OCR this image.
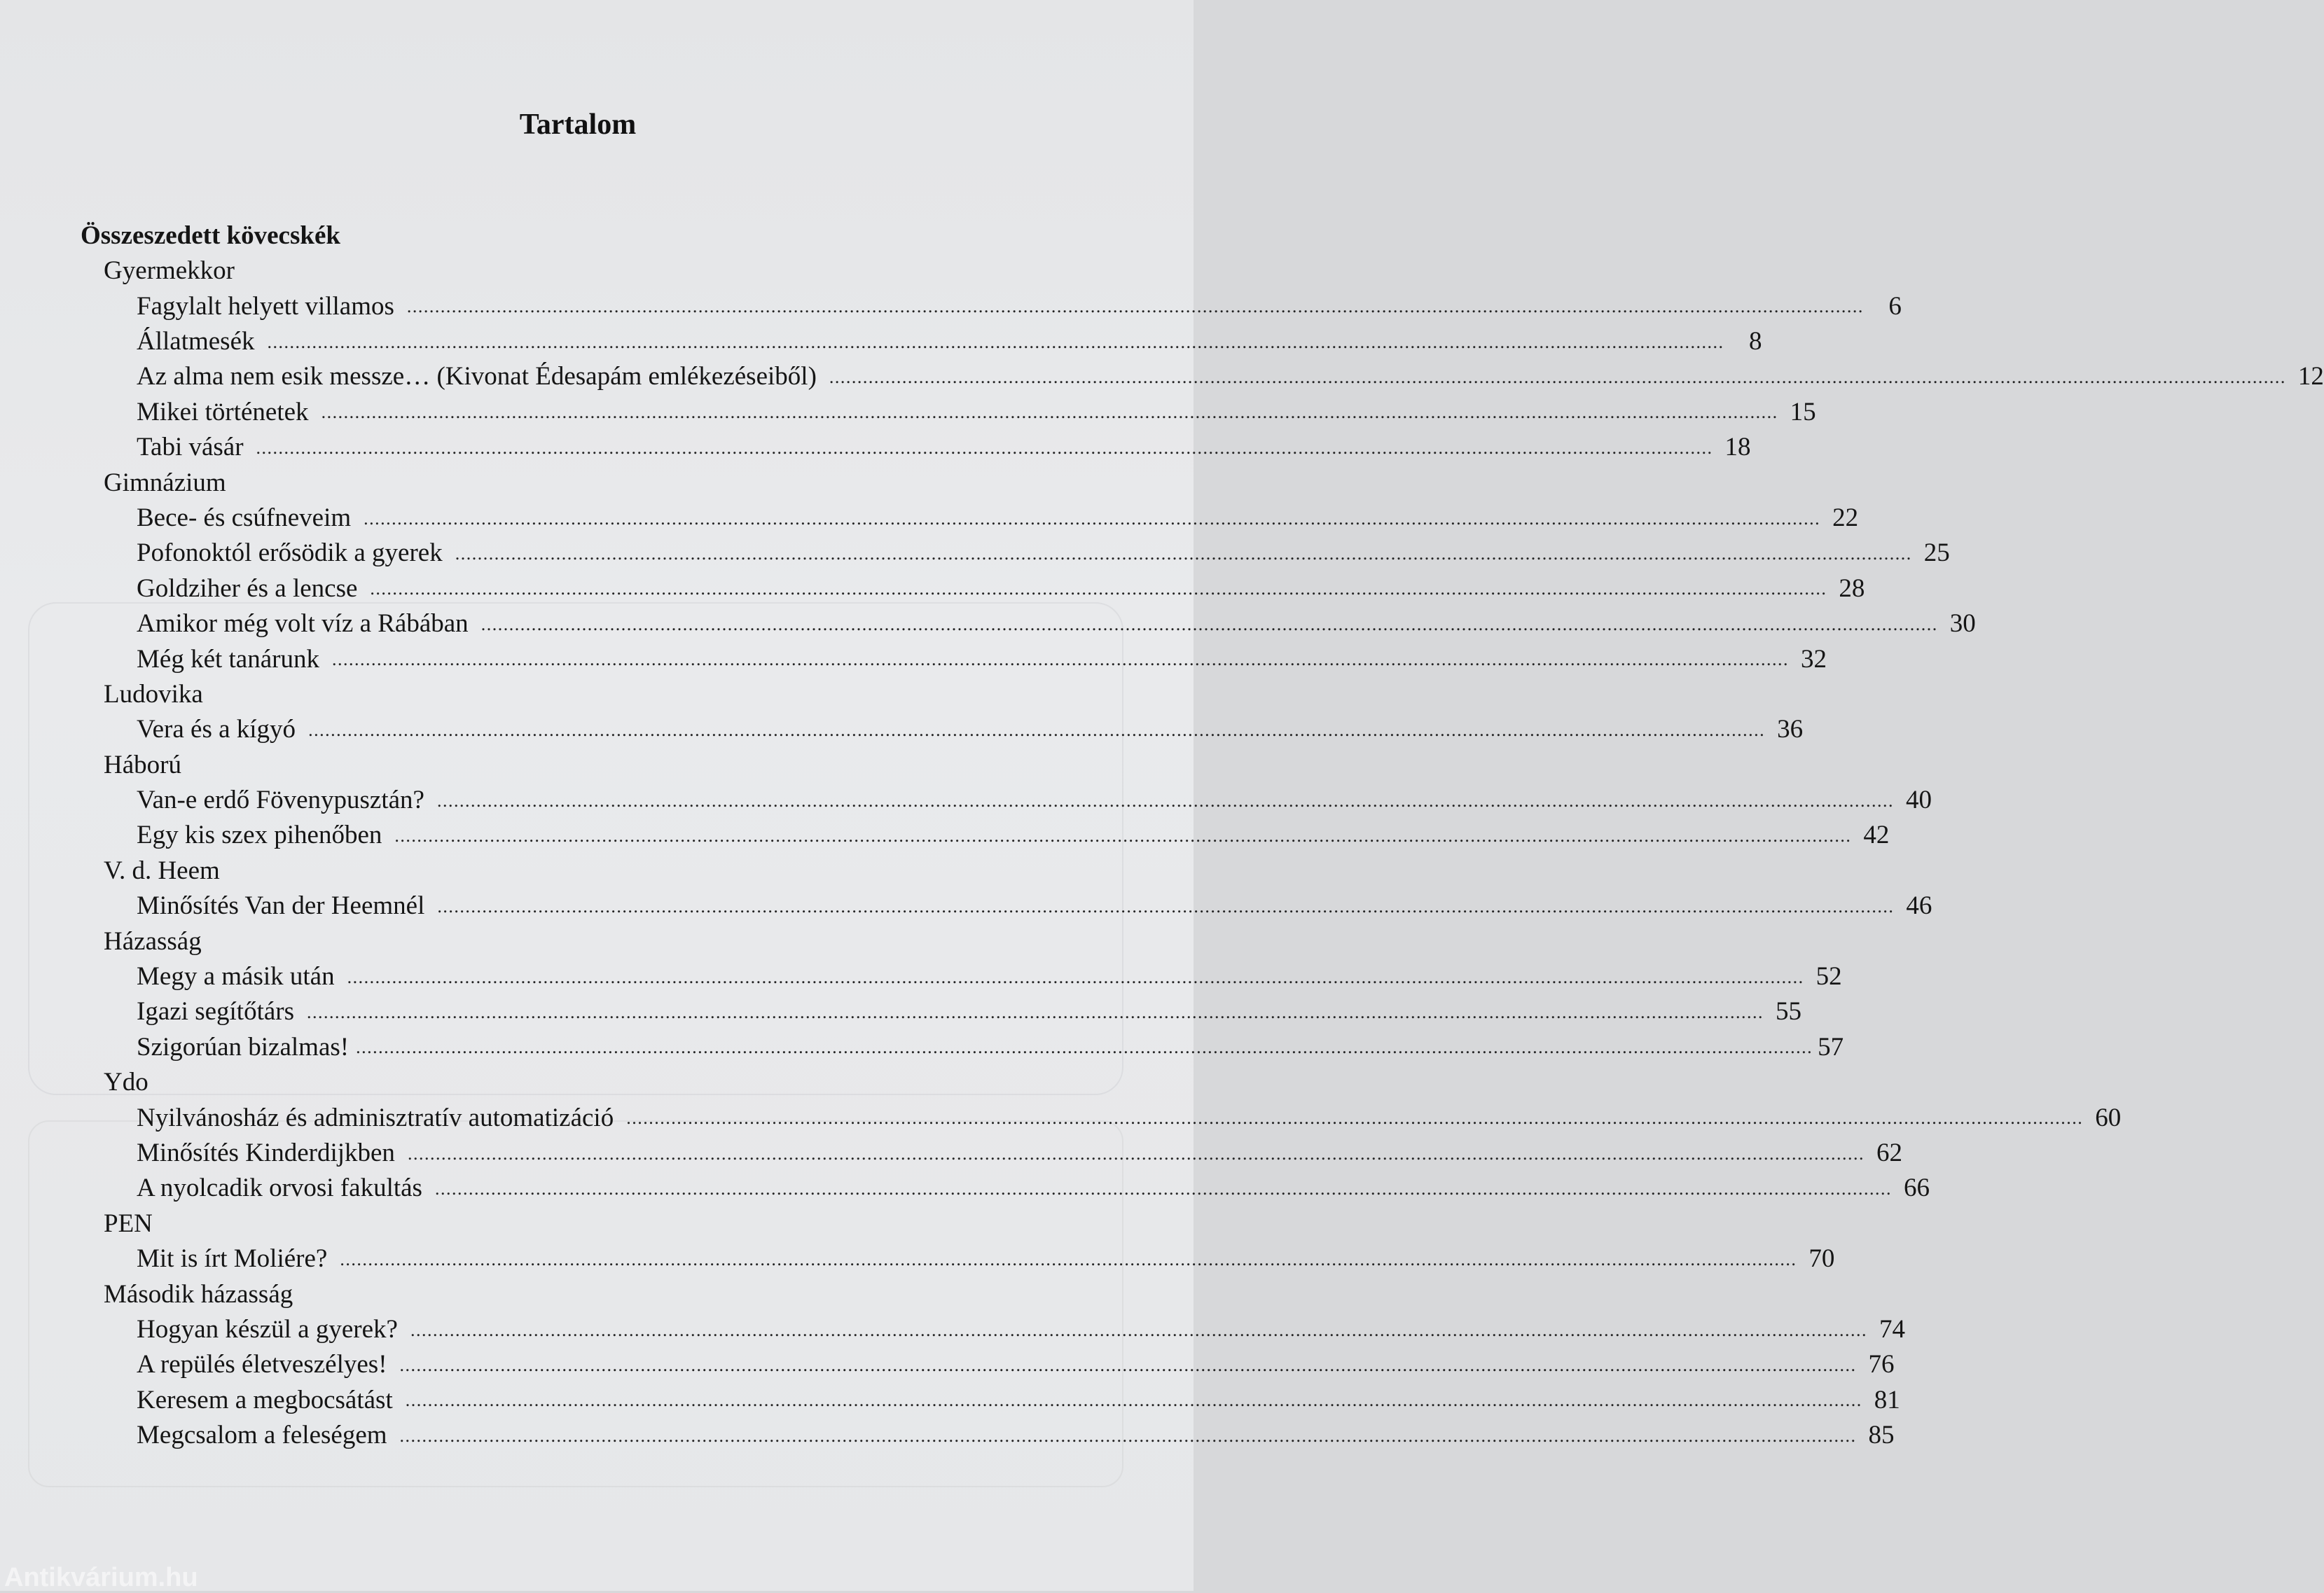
Tartalom
Összeszedett kövecskék
Gyermekkor
Fagylalt helyett villamos .................................................................................................................................................................................................................................................................... 6
Állatmesék .................................................................................................................................................................................................................................................................... 8
Az alma nem esik messze… (Kivonat Édesapám emlékezéseiből) .................................................................................................................................................................................................................................................................... 12
Mikei történetek .................................................................................................................................................................................................................................................................... 15
Tabi vásár .................................................................................................................................................................................................................................................................... 18
Gimnázium
Bece- és csúfneveim .................................................................................................................................................................................................................................................................... 22
Pofonoktól erősödik a gyerek .................................................................................................................................................................................................................................................................... 25
Goldziher és a lencse .................................................................................................................................................................................................................................................................... 28
Amikor még volt víz a Rábában .................................................................................................................................................................................................................................................................... 30
Még két tanárunk .................................................................................................................................................................................................................................................................... 32
Ludovika
Vera és a kígyó .................................................................................................................................................................................................................................................................... 36
Háború
Van-e erdő Fövenypusztán? .................................................................................................................................................................................................................................................................... 40
Egy kis szex pihenőben .................................................................................................................................................................................................................................................................... 42
V. d. Heem
Minősítés Van der Heemnél .................................................................................................................................................................................................................................................................... 46
Házasság
Megy a másik után .................................................................................................................................................................................................................................................................... 52
Igazi segítőtárs .................................................................................................................................................................................................................................................................... 55
Szigorúan bizalmas! .................................................................................................................................................................................................................................................................... 57
Ydo
Nyilvánosház és adminisztratív automatizáció .................................................................................................................................................................................................................................................................... 60
Minősítés Kinderdijkben .................................................................................................................................................................................................................................................................... 62
A nyolcadik orvosi fakultás .................................................................................................................................................................................................................................................................... 66
PEN
Mit is írt Moliére? .................................................................................................................................................................................................................................................................... 70
Második házasság
Hogyan készül a gyerek? .................................................................................................................................................................................................................................................................... 74
A repülés életveszélyes! .................................................................................................................................................................................................................................................................... 76
Keresem a megbocsátást .................................................................................................................................................................................................................................................................... 81
Megcsalom a feleségem .................................................................................................................................................................................................................................................................... 85
Antikvárium.hu
